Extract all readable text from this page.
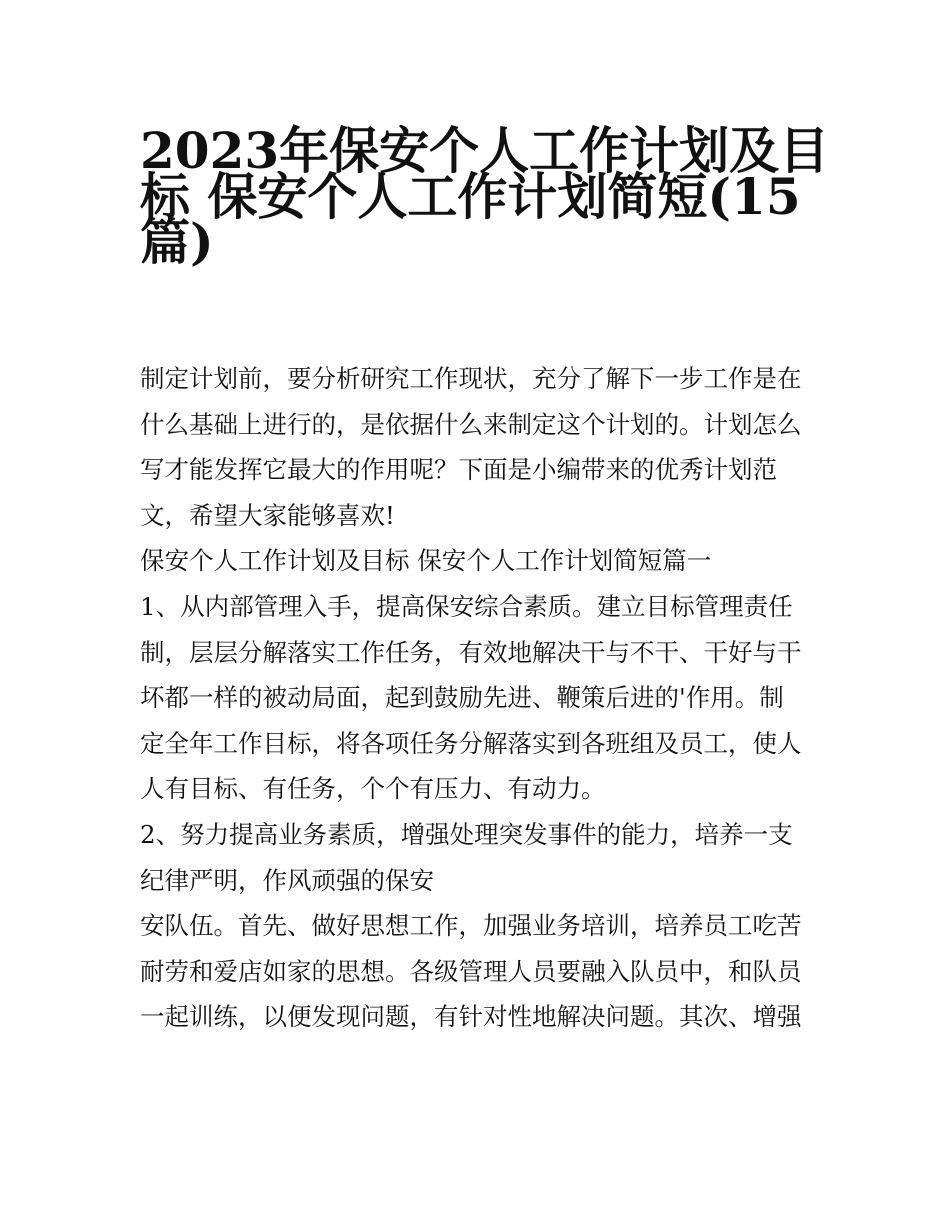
2023年保安个人工作计划及目
标 保安个人工作计划简短(15
篇)

制定计划前，要分析研究工作现状，充分了解下一步工作是在
什么基础上进行的，是依据什么来制定这个计划的。计划怎么
写才能发挥它最大的作用呢？下面是小编带来的优秀计划范
文，希望大家能够喜欢!

保安个人工作计划及目标 保安个人工作计划简短篇一

1、从内部管理入手，提高保安综合素质。建立目标管理责任
制，层层分解落实工作任务，有效地解决干与不干、干好与干
坏都一样的被动局面，起到鼓励先进、鞭策后进的'作用。制
定全年工作目标，将各项任务分解落实到各班组及员工，使人
人有目标、有任务，个个有压力、有动力。

2、努力提高业务素质，增强处理突发事件的能力，培养一支
纪律严明，作风顽强的保安

安队伍。首先、做好思想工作，加强业务培训，培养员工吃苦
耐劳和爱店如家的思想。各级管理人员要融入队员中，和队员
一起训练，以便发现问题，有针对性地解决问题。其次、增强
